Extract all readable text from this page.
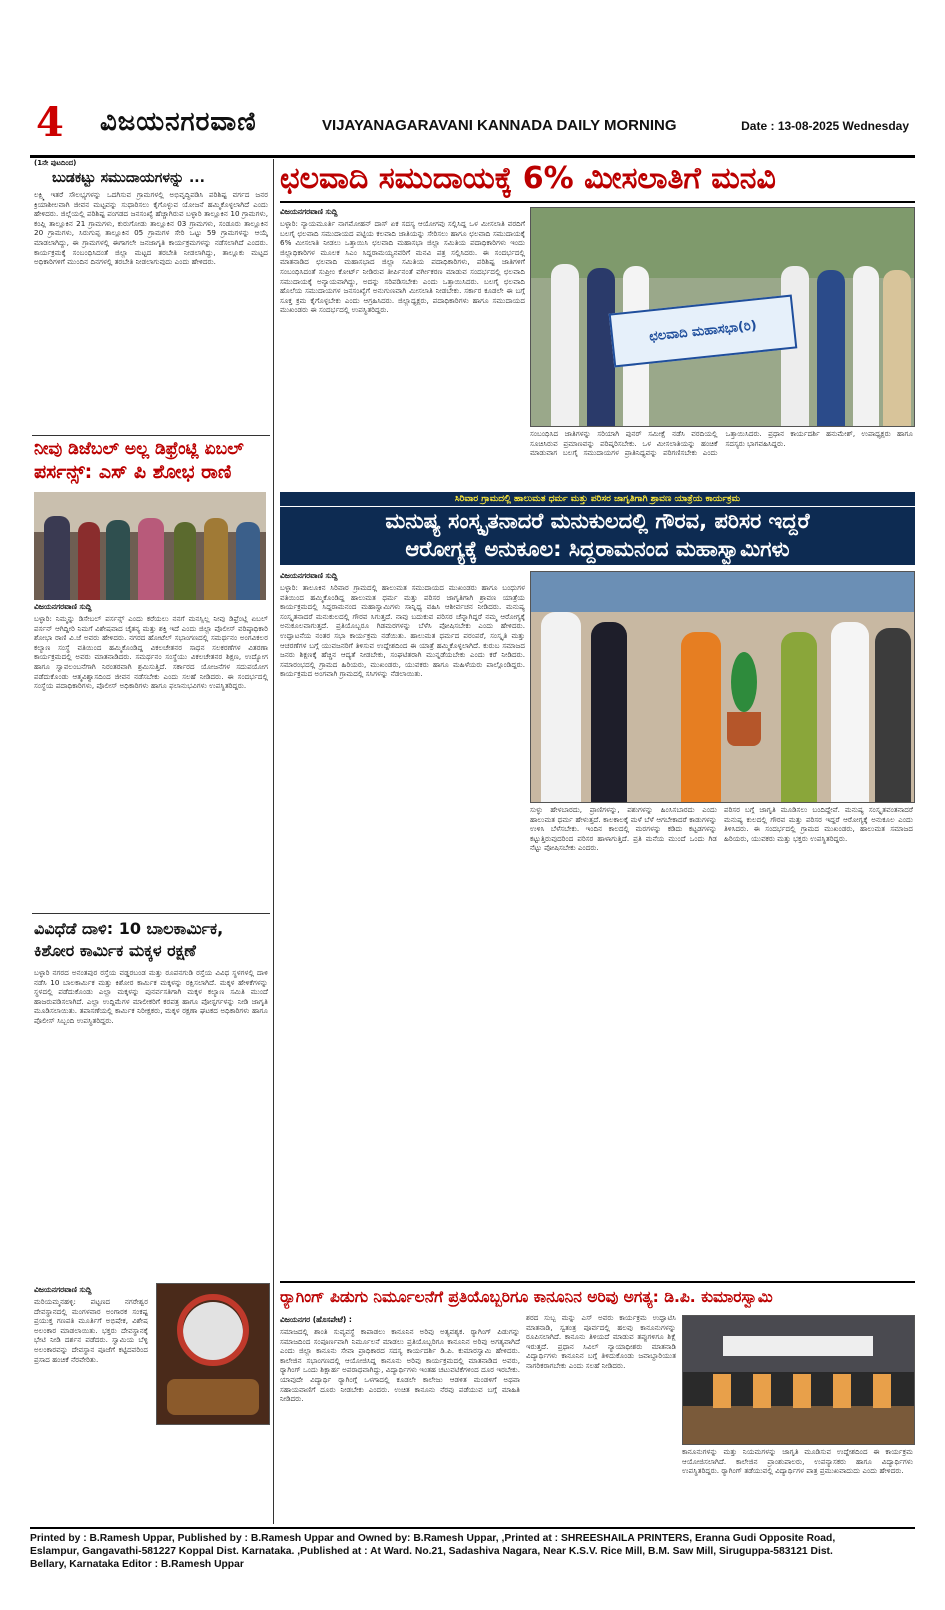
4 ವಿಜಯನಗರವಾಣಿ	VIJAYANAGARAVANI KANNADA DAILY MORNING	Date : 13-08-2025 Wednesday
(1ನೇ ಪುಟದಿಂದ)
ಬುಡಕಟ್ಟು ಸಮುದಾಯಗಳನ್ನು ...
ಲಕ್ಷ್ಮಿ ಇತರೆ ಸೌಲಭ್ಯಗಳನ್ನು ಒದಗಿಸುವ ಗ್ರಾಮಗಳಲ್ಲಿ ಅಭಿವೃದ್ಧಿಪಡಿಸಿ ಪರಿಶಿಷ್ಟ ವರ್ಗದ ಜನರ ಕ್ರಿಯಾಶೀಲವಾಗಿ ಜೀವನ ಮಟ್ಟವನ್ನು ಸುಧಾರಿಸಲು ಕೈಗೊಳ್ಳುವ ಯೋಜನೆ ಹಮ್ಮಿಕೊಳ್ಳಲಾಗಿದೆ ಎಂದು ಹೇಳಿದರು. ಜಿಲ್ಲೆಯಲ್ಲಿ ಪರಿಶಿಷ್ಟ ಪಂಗಡದ ಜನಸಂಖ್ಯೆ ಹೆಚ್ಚಾಗಿರುವ ಬಳ್ಳಾರಿ ತಾಲ್ಲೂಕಿನ 10 ಗ್ರಾಮಗಳು, ಕಂಪ್ಲಿ ತಾಲ್ಲೂಕಿನ 21 ಗ್ರಾಮಗಳು, ಕುರುಗೋಡು ತಾಲ್ಲೂಕಿನ 03 ಗ್ರಾಮಗಳು, ಸಂಡೂರು ತಾಲ್ಲೂಕಿನ 20 ಗ್ರಾಮಗಳು, ಸಿರುಗುಪ್ಪ ತಾಲ್ಲೂಕಿನ 05 ಗ್ರಾಮಗಳ ಸೇರಿ ಒಟ್ಟು 59 ಗ್ರಾಮಗಳನ್ನು ಆಯ್ಕೆ ಮಾಡಲಾಗಿದ್ದು, ಈ ಗ್ರಾಮಗಳಲ್ಲಿ ಈಗಾಗಲೇ ಜನಜಾಗೃತಿ ಕಾರ್ಯಕ್ರಮಗಳನ್ನು ನಡೆಸಲಾಗಿದೆ ಎಂದರು. ಕಾರ್ಯಕ್ರಮಕ್ಕೆ ಸಂಬಂಧಿಸಿದಂತೆ ಜಿಲ್ಲಾ ಮಟ್ಟದ ತರಬೇತಿ ನೀಡಲಾಗಿದ್ದು, ತಾಲ್ಲೂಕು ಮಟ್ಟದ ಅಧಿಕಾರಿಗಳಿಗೆ ಮುಂದಿನ ದಿನಗಳಲ್ಲಿ ತರಬೇತಿ ನೀಡಲಾಗುವುದು ಎಂದು ಹೇಳಿದರು.
ನೀವು ಡಿಜೆಬಲ್ ಅಲ್ಲ ಡಿಫ್ರೆಂಟ್ಲಿ ಏಬಲ್
ಪರ್ಸನ್ಸ್: ಎಸ್ ಪಿ ಶೋಭ ರಾಣಿ
ವಿಜಯನಗರವಾಣಿ ಸುದ್ದಿ
ಬಳ್ಳಾರಿ: ನಿಮ್ಮನ್ನು ಡಿಸೇಬಲ್ ಪರ್ಸನ್ಸ್ ಎಂದು ಕರೆಯಲು ನನಗೆ ಮನಸ್ಸಿಲ್ಲ ನೀವು ಡಿಫ್ರೆಂಟ್ಲಿ ಏಬಲ್ ಪರ್ಸನ್ ಆಗಿದ್ದೀರಿ ನಿಮಗೆ ವಿಶೇಷವಾದ ಚೈತನ್ಯ ಮತ್ತು ಶಕ್ತಿ ಇದೆ ಎಂದು ಜಿಲ್ಲಾ ಪೊಲೀಸ್ ವರಿಷ್ಠಾಧಿಕಾರಿ ಶೋಭಾ ರಾಣಿ ವಿ.ಜೆ ಅವರು ಹೇಳಿದರು. ನಗರದ ಹೋಟೆಲ್ ಸಭಾಂಗಣದಲ್ಲಿ ಸಮರ್ಥನಂ ಅಂಗವಿಕಲರ ಕಲ್ಯಾಣ ಸಂಸ್ಥೆ ವತಿಯಿಂದ ಹಮ್ಮಿಕೊಂಡಿದ್ದ ವಿಕಲಚೇತನರ ಸಾಧನ ಸಲಕರಣೆಗಳ ವಿತರಣಾ ಕಾರ್ಯಕ್ರಮದಲ್ಲಿ ಅವರು ಮಾತನಾಡಿದರು. ಸಮರ್ಥನಂ ಸಂಸ್ಥೆಯು ವಿಕಲಚೇತನರ ಶಿಕ್ಷಣ, ಉದ್ಯೋಗ ಹಾಗೂ ಸ್ವಾವಲಂಬನೆಗಾಗಿ ನಿರಂತರವಾಗಿ ಶ್ರಮಿಸುತ್ತಿದೆ. ಸರ್ಕಾರದ ಯೋಜನೆಗಳ ಸದುಪಯೋಗ ಪಡೆದುಕೊಂಡು ಆತ್ಮವಿಶ್ವಾಸದಿಂದ ಜೀವನ ನಡೆಸಬೇಕು ಎಂದು ಸಲಹೆ ನೀಡಿದರು. ಈ ಸಂದರ್ಭದಲ್ಲಿ ಸಂಸ್ಥೆಯ ಪದಾಧಿಕಾರಿಗಳು, ಪೊಲೀಸ್ ಅಧಿಕಾರಿಗಳು ಹಾಗೂ ಫಲಾನುಭವಿಗಳು ಉಪಸ್ಥಿತರಿದ್ದರು.
ವಿವಿಧೆಡೆ ದಾಳಿ: 10 ಬಾಲಕಾರ್ಮಿಕ,
ಕಿಶೋರ ಕಾರ್ಮಿಕ ಮಕ್ಕಳ ರಕ್ಷಣೆ
ಬಳ್ಳಾರಿ ನಗರದ ಅನಂತಪುರ ರಸ್ತೆಯ ವಡ್ಡರಬಂಡ ಮತ್ತು ರೂಪನಗುಡಿ ರಸ್ತೆಯ ವಿವಿಧ ಸ್ಥಳಗಳಲ್ಲಿ ದಾಳಿ ನಡೆಸಿ 10 ಬಾಲಕಾರ್ಮಿಕ ಮತ್ತು ಕಿಶೋರ ಕಾರ್ಮಿಕ ಮಕ್ಕಳನ್ನು ರಕ್ಷಿಸಲಾಗಿದೆ. ಮಕ್ಕಳ ಹೇಳಿಕೆಗಳನ್ನು ಸ್ಥಳದಲ್ಲಿ ಪಡೆದುಕೊಂಡು ಎಲ್ಲಾ ಮಕ್ಕಳನ್ನು ಪುನರ್ವಸತಿಗಾಗಿ ಮಕ್ಕಳ ಕಲ್ಯಾಣ ಸಮಿತಿ ಮುಂದೆ ಹಾಜರುಪಡಿಸಲಾಗಿದೆ. ಎಲ್ಲಾ ಉದ್ದಿಮೆಗಳ ಮಾಲೀಕರಿಗೆ ಕರಪತ್ರ ಹಾಗೂ ಪೋಸ್ಟರ್ಗಳನ್ನು ನೀಡಿ ಜಾಗೃತಿ ಮೂಡಿಸಲಾಯಿತು. ತಪಾಸಣೆಯಲ್ಲಿ ಕಾರ್ಮಿಕ ನಿರೀಕ್ಷಕರು, ಮಕ್ಕಳ ರಕ್ಷಣಾ ಘಟಕದ ಅಧಿಕಾರಿಗಳು ಹಾಗೂ ಪೊಲೀಸ್ ಸಿಬ್ಬಂದಿ ಉಪಸ್ಥಿತರಿದ್ದರು.
ವಿಜಯನಗರವಾಣಿ ಸುದ್ದಿ
ಮರಿಯಮ್ಮನಹಳ್ಳಿ: ಪಟ್ಟಣದ ನಗರೇಶ್ವರ ದೇವಸ್ಥಾನದಲ್ಲಿ ಮಂಗಳವಾರ ಅಂಗಾರಕ ಸಂಕಷ್ಟ ಪ್ರಯುಕ್ತ ಗಣಪತಿ ಮೂರ್ತಿಗೆ ಅಭಿಷೇಕ, ವಿಶೇಷ ಅಲಂಕಾರ ಮಾಡಲಾಯಿತು. ಭಕ್ತರು ದೇವಸ್ಥಾನಕ್ಕೆ ಭೇಟಿ ನೀಡಿ ದರ್ಶನ ಪಡೆದರು. ಸ್ವಾಮಿಯ ಬೆಳ್ಳಿ ಅಲಂಕಾರವನ್ನು ದೇವಸ್ಥಾನ ಪೂಜೆಗೆ ಕಟ್ಟಿದವರಿಂದ ಪ್ರಸಾದ ಹಂಚಿಕೆ ನೆರವೇರಿತು.
ಛಲವಾದಿ ಸಮುದಾಯಕ್ಕೆ 6% ಮೀಸಲಾತಿಗೆ ಮನವಿ
ವಿಜಯನಗರವಾಣಿ ಸುದ್ದಿ
ಬಳ್ಳಾರಿ: ನ್ಯಾಯಮೂರ್ತಿ ನಾಗಮೋಹನ್ ದಾಸ್ ಏಕ ಸದಸ್ಯ ಆಯೋಗವು ಸಲ್ಲಿಸಿದ್ದ ಒಳ ಮೀಸಲಾತಿ ವರದಿಗೆ ಬಲಗೈ ಛಲವಾದಿ ಸಮುದಾಯದ ಪಟ್ಟಿಯ ಕಲವಾದಿ ಜಾತಿಯನ್ನು ಸೇರಿಸಲು ಹಾಗೂ ಛಲವಾದಿ ಸಮುದಾಯಕ್ಕೆ 6% ಮೀಸಲಾತಿ ನೀಡಲು ಒತ್ತಾಯಿಸಿ ಛಲವಾದಿ ಮಹಾಸಭಾ ಜಿಲ್ಲಾ ಸಮಿತಿಯ ಪದಾಧಿಕಾರಿಗಳು ಇಂದು ಜಿಲ್ಲಾಧಿಕಾರಿಗಳ ಮೂಲಕ ಸಿಎಂ ಸಿದ್ದರಾಮಯ್ಯನವರಿಗೆ ಮನವಿ ಪತ್ರ ಸಲ್ಲಿಸಿದರು. ಈ ಸಂದರ್ಭದಲ್ಲಿ ಮಾತನಾಡಿದ ಛಲವಾದಿ ಮಹಾಸಭಾದ ಜಿಲ್ಲಾ ಸಮಿತಿಯ ಪದಾಧಿಕಾರಿಗಳು, ಪರಿಶಿಷ್ಟ ಜಾತಿಗಳಿಗೆ ಸಂಬಂಧಿಸಿದಂತೆ ಸುಪ್ರೀಂ ಕೋರ್ಟ್ ನೀಡಿರುವ ತೀರ್ಪಿನಂತೆ ವರ್ಗೀಕರಣ ಮಾಡುವ ಸಂದರ್ಭದಲ್ಲಿ ಛಲವಾದಿ ಸಮುದಾಯಕ್ಕೆ ಅನ್ಯಾಯವಾಗಿದ್ದು, ಅದನ್ನು ಸರಿಪಡಿಸಬೇಕು ಎಂದು ಒತ್ತಾಯಿಸಿದರು. ಬಲಗೈ ಛಲವಾದಿ ಹೊಲೆಯ ಸಮುದಾಯಗಳ ಜನಸಂಖ್ಯೆಗೆ ಅನುಗುಣವಾಗಿ ಮೀಸಲಾತಿ ನೀಡಬೇಕು. ಸರ್ಕಾರ ಕೂಡಲೇ ಈ ಬಗ್ಗೆ ಸೂಕ್ತ ಕ್ರಮ ಕೈಗೊಳ್ಳಬೇಕು ಎಂದು ಆಗ್ರಹಿಸಿದರು. ಜಿಲ್ಲಾಧ್ಯಕ್ಷರು, ಪದಾಧಿಕಾರಿಗಳು ಹಾಗೂ ಸಮುದಾಯದ ಮುಖಂಡರು ಈ ಸಂದರ್ಭದಲ್ಲಿ ಉಪಸ್ಥಿತರಿದ್ದರು.
ಛಲವಾದಿ ಮಹಾಸಭಾ(ರಿ)
ಸಂಬಂಧಿಸಿದ ಜಾತಿಗಳನ್ನು ಸರಿಯಾಗಿ ಪುನರ್ ಸಮೀಕ್ಷೆ ನಡೆಸಿ ವರದಿಯಲ್ಲಿ ಸೂಚಿಸಿರುವ ಪ್ರಮಾಣವನ್ನು ಪರಿಷ್ಕರಿಸಬೇಕು. ಒಳ ಮೀಸಲಾತಿಯನ್ನು ಹಂಚಿಕೆ ಮಾಡುವಾಗ ಬಲಗೈ ಸಮುದಾಯಗಳ ಪ್ರಾತಿನಿಧ್ಯವನ್ನು ಪರಿಗಣಿಸಬೇಕು ಎಂದು ಒತ್ತಾಯಿಸಿದರು. ಪ್ರಧಾನ ಕಾರ್ಯದರ್ಶಿ ಹನುಮೇಶ್, ಉಪಾಧ್ಯಕ್ಷರು ಹಾಗೂ ಸದಸ್ಯರು ಭಾಗವಹಿಸಿದ್ದರು.
ಸಿರಿವಾರ ಗ್ರಾಮದಲ್ಲಿ ಹಾಲುಮತ ಧರ್ಮ ಮತ್ತು ಪರಿಸರ ಜಾಗೃತಿಗಾಗಿ ಶ್ರಾವಣ ಯಾತ್ರೆಯ ಕಾರ್ಯಕ್ರಮ
ಮನುಷ್ಯ ಸಂಸ್ಕೃತನಾದರೆ ಮನುಕುಲದಲ್ಲಿ ಗೌರವ, ಪರಿಸರ ಇದ್ದರೆ
ಆರೋಗ್ಯಕ್ಕೆ ಅನುಕೂಲ: ಸಿದ್ದರಾಮನಂದ ಮಹಾಸ್ವಾಮಿಗಳು
ವಿಜಯನಗರವಾಣಿ ಸುದ್ದಿ
ಬಳ್ಳಾರಿ: ತಾಲೂಕಿನ ಸಿರಿವಾರ ಗ್ರಾಮದಲ್ಲಿ ಹಾಲುಮತ ಸಮುದಾಯದ ಮುಖಂಡರು ಹಾಗೂ ಬಂಧುಗಳ ವತಿಯಿಂದ ಹಮ್ಮಿಕೊಂಡಿದ್ದ ಹಾಲುಮತ ಧರ್ಮ ಮತ್ತು ಪರಿಸರ ಜಾಗೃತಿಗಾಗಿ ಶ್ರಾವಣ ಯಾತ್ರೆಯ ಕಾರ್ಯಕ್ರಮದಲ್ಲಿ ಸಿದ್ದರಾಮನಂದ ಮಹಾಸ್ವಾಮಿಗಳು ಸಾನ್ನಿಧ್ಯ ವಹಿಸಿ ಆಶೀರ್ವಚನ ನೀಡಿದರು. ಮನುಷ್ಯ ಸಂಸ್ಕೃತನಾದರೆ ಮನುಕುಲದಲ್ಲಿ ಗೌರವ ಸಿಗುತ್ತದೆ. ನಾವು ಬದುಕುವ ಪರಿಸರ ಚೆನ್ನಾಗಿದ್ದರೆ ನಮ್ಮ ಆರೋಗ್ಯಕ್ಕೆ ಅನುಕೂಲವಾಗುತ್ತದೆ. ಪ್ರತಿಯೊಬ್ಬರೂ ಗಿಡಮರಗಳನ್ನು ಬೆಳೆಸಿ ಪೋಷಿಸಬೇಕು ಎಂದು ಹೇಳಿದರು. ಉದ್ಘಾಟನೆಯ ನಂತರ ಸಭಾ ಕಾರ್ಯಕ್ರಮ ನಡೆಯಿತು. ಹಾಲುಮತ ಧರ್ಮದ ಪರಂಪರೆ, ಸಂಸ್ಕೃತಿ ಮತ್ತು ಆಚರಣೆಗಳ ಬಗ್ಗೆ ಯುವಜನರಿಗೆ ತಿಳಿಸುವ ಉದ್ದೇಶದಿಂದ ಈ ಯಾತ್ರೆ ಹಮ್ಮಿಕೊಳ್ಳಲಾಗಿದೆ. ಕುರುಬ ಸಮಾಜದ ಜನರು ಶಿಕ್ಷಣಕ್ಕೆ ಹೆಚ್ಚಿನ ಆದ್ಯತೆ ನೀಡಬೇಕು, ಸಂಘಟಿತರಾಗಿ ಮುನ್ನಡೆಯಬೇಕು ಎಂದು ಕರೆ ನೀಡಿದರು. ಸಮಾರಂಭದಲ್ಲಿ ಗ್ರಾಮದ ಹಿರಿಯರು, ಮುಖಂಡರು, ಯುವಕರು ಹಾಗೂ ಮಹಿಳೆಯರು ಪಾಲ್ಗೊಂಡಿದ್ದರು. ಕಾರ್ಯಕ್ರಮದ ಅಂಗವಾಗಿ ಗ್ರಾಮದಲ್ಲಿ ಸಸಿಗಳನ್ನು ನೆಡಲಾಯಿತು.
ಸುಳ್ಳು ಹೇಳಬಾರದು, ಪ್ರಾಣಿಗಳನ್ನು, ಪಶುಗಳನ್ನು ಹಿಂಸಿಸಬಾರದು ಎಂದು ಹಾಲುಮತ ಧರ್ಮ ಹೇಳುತ್ತದೆ. ಕಾಲಕಾಲಕ್ಕೆ ಮಳೆ ಬೆಳೆ ಆಗಬೇಕಾದರೆ ಕಾಡುಗಳನ್ನು ಉಳಿಸಿ ಬೆಳೆಸಬೇಕು. ಇಂದಿನ ಕಾಲದಲ್ಲಿ ಮರಗಳನ್ನು ಕಡಿದು ಕಟ್ಟಡಗಳನ್ನು ಕಟ್ಟುತ್ತಿರುವುದರಿಂದ ಪರಿಸರ ಹಾಳಾಗುತ್ತಿದೆ. ಪ್ರತಿ ಮನೆಯ ಮುಂದೆ ಒಂದು ಗಿಡ ನೆಟ್ಟು ಪೋಷಿಸಬೇಕು ಎಂದರು.
ಪರಿಸರ ಬಗ್ಗೆ ಜಾಗೃತಿ ಮೂಡಿಸಲು ಬಂದಿದ್ದೇವೆ. ಮನುಷ್ಯ ಸಂಸ್ಕೃತವಂತನಾದರೆ ಮನುಷ್ಯ ಕುಲದಲ್ಲಿ ಗೌರವ ಮತ್ತು ಪರಿಸರ ಇದ್ದರೆ ಆರೋಗ್ಯಕ್ಕೆ ಅನುಕೂಲ ಎಂದು ತಿಳಿಸಿದರು. ಈ ಸಂದರ್ಭದಲ್ಲಿ ಗ್ರಾಮದ ಮುಖಂಡರು, ಹಾಲುಮತ ಸಮಾಜದ ಹಿರಿಯರು, ಯುವಕರು ಮತ್ತು ಭಕ್ತರು ಉಪಸ್ಥಿತರಿದ್ದರು.
ರ‍್ಯಾಗಿಂಗ್ ಪಿಡುಗು ನಿರ್ಮೂಲನೆಗೆ ಪ್ರತಿಯೊಬ್ಬರಿಗೂ ಕಾನೂನಿನ ಅರಿವು ಅಗತ್ಯ: ಡಿ.ಪಿ. ಕುಮಾರಸ್ವಾಮಿ
ವಿಜಯನಗರ (ಹೊಸಪೇಟೆ) :
ಸಮಾಜದಲ್ಲಿ ಶಾಂತಿ ಸುವ್ಯವಸ್ಥೆ ಕಾಪಾಡಲು ಕಾನೂನಿನ ಅರಿವು ಅತ್ಯವಶ್ಯಕ. ರ‍್ಯಾಗಿಂಗ್ ಪಿಡುಗನ್ನು ಸಮಾಜದಿಂದ ಸಂಪೂರ್ಣವಾಗಿ ನಿರ್ಮೂಲನೆ ಮಾಡಲು ಪ್ರತಿಯೊಬ್ಬರಿಗೂ ಕಾನೂನಿನ ಅರಿವು ಅಗತ್ಯವಾಗಿದೆ ಎಂದು ಜಿಲ್ಲಾ ಕಾನೂನು ಸೇವಾ ಪ್ರಾಧಿಕಾರದ ಸದಸ್ಯ ಕಾರ್ಯದರ್ಶಿ ಡಿ.ಪಿ. ಕುಮಾರಸ್ವಾಮಿ ಹೇಳಿದರು. ಕಾಲೇಜಿನ ಸಭಾಂಗಣದಲ್ಲಿ ಆಯೋಜಿಸಿದ್ದ ಕಾನೂನು ಅರಿವು ಕಾರ್ಯಕ್ರಮದಲ್ಲಿ ಮಾತನಾಡಿದ ಅವರು, ರ‍್ಯಾಗಿಂಗ್ ಒಂದು ಶಿಕ್ಷಾರ್ಹ ಅಪರಾಧವಾಗಿದ್ದು, ವಿದ್ಯಾರ್ಥಿಗಳು ಇಂತಹ ಚಟುವಟಿಕೆಗಳಿಂದ ದೂರ ಇರಬೇಕು. ಯಾವುದೇ ವಿದ್ಯಾರ್ಥಿ ರ‍್ಯಾಗಿಂಗ್ಗೆ ಒಳಗಾದಲ್ಲಿ ಕೂಡಲೇ ಕಾಲೇಜು ಆಡಳಿತ ಮಂಡಳಿಗೆ ಅಥವಾ ಸಹಾಯವಾಣಿಗೆ ದೂರು ನೀಡಬೇಕು ಎಂದರು. ಉಚಿತ ಕಾನೂನು ನೆರವು ಪಡೆಯುವ ಬಗ್ಗೆ ಮಾಹಿತಿ ನೀಡಿದರು.
ಶರದ ಸುಬ್ಬ ಮನ್ನು ಎಸ್ ಅವರು ಕಾರ್ಯಕ್ರಮ ಉದ್ಘಾಟಿಸಿ ಮಾತನಾಡಿ, ಸ್ವತಂತ್ರ ಪೂರ್ವದಲ್ಲಿ ಹಲವು ಕಾನೂನುಗಳನ್ನು ರೂಪಿಸಲಾಗಿದೆ. ಕಾನೂನು ತಿಳಿಯದೆ ಮಾಡುವ ತಪ್ಪುಗಳಿಗೂ ಶಿಕ್ಷೆ ಇರುತ್ತದೆ. ಪ್ರಧಾನ ಸಿವಿಲ್ ನ್ಯಾಯಾಧೀಶರು ಮಾತನಾಡಿ ವಿದ್ಯಾರ್ಥಿಗಳು ಕಾನೂನಿನ ಬಗ್ಗೆ ತಿಳಿದುಕೊಂಡು ಜವಾಬ್ದಾರಿಯುತ ನಾಗರಿಕರಾಗಬೇಕು ಎಂದು ಸಲಹೆ ನೀಡಿದರು.
ಕಾನೂನುಗಳನ್ನು ಮತ್ತು ನಿಯಮಗಳನ್ನು ಜಾಗೃತಿ ಮೂಡಿಸುವ ಉದ್ದೇಶದಿಂದ ಈ ಕಾರ್ಯಕ್ರಮ ಆಯೋಜಿಸಲಾಗಿದೆ. ಕಾಲೇಜಿನ ಪ್ರಾಂಶುಪಾಲರು, ಉಪನ್ಯಾಸಕರು ಹಾಗೂ ವಿದ್ಯಾರ್ಥಿಗಳು ಉಪಸ್ಥಿತರಿದ್ದರು. ರ‍್ಯಾಗಿಂಗ್ ತಡೆಯುವಲ್ಲಿ ವಿದ್ಯಾರ್ಥಿಗಳ ಪಾತ್ರ ಪ್ರಮುಖವಾದುದು ಎಂದು ಹೇಳಿದರು.
Printed by : B.Ramesh Uppar, Published by : B.Ramesh Uppar and Owned by: B.Ramesh Uppar, ,Printed at : SHREESHAILA PRINTERS, Eranna Gudi Opposite Road,
Eslampur, Gangavathi-581227 Koppal Dist. Karnataka. ,Published at : At Ward. No.21, Sadashiva Nagara, Near K.S.V. Rice Mill, B.M. Saw Mill, Siruguppa-583121 Dist.
Bellary, Karnataka Editor : B.Ramesh Uppar
